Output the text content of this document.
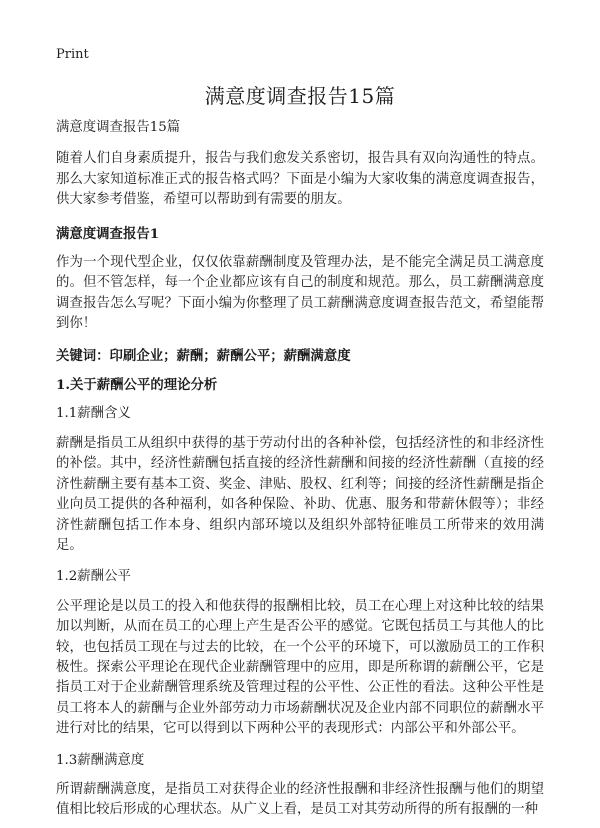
Print
满意度调查报告15篇

满意度调查报告15篇

随着人们自身素质提升，报告与我们愈发关系密切，报告具有双向沟通性的特点。那么大家知道标准正式的报告格式吗？下面是小编为大家收集的满意度调查报告，供大家参考借鉴，希望可以帮助到有需要的朋友。

满意度调查报告1

作为一个现代型企业，仅仅依靠薪酬制度及管理办法，是不能完全满足员工满意度的。但不管怎样，每一个企业都应该有自己的制度和规范。那么，员工薪酬满意度调查报告怎么写呢？下面小编为你整理了员工薪酬满意度调查报告范文，希望能帮到你！

关键词：印刷企业；薪酬；薪酬公平；薪酬满意度

1.关于薪酬公平的理论分析

1.1薪酬含义

薪酬是指员工从组织中获得的基于劳动付出的各种补偿，包括经济性的和非经济性的补偿。其中，经济性薪酬包括直接的经济性薪酬和间接的经济性薪酬（直接的经济性薪酬主要有基本工资、奖金、津贴、股权、红利等；间接的经济性薪酬是指企业向员工提供的各种福利，如各种保险、补助、优惠、服务和带薪休假等）；非经济性薪酬包括工作本身、组织内部环境以及组织外部特征唯员工所带来的效用满足。

1.2薪酬公平

公平理论是以员工的投入和他获得的报酬相比较，员工在心理上对这种比较的结果加以判断，从而在员工的心理上产生是否公平的感觉。它既包括员工与其他人的比较，也包括员工现在与过去的比较，在一个公平的环境下，可以激励员工的工作积极性。探索公平理论在现代企业薪酬管理中的应用，即是所称谓的薪酬公平，它是指员工对于企业薪酬管理系统及管理过程的公平性、公正性的看法。这种公平性是员工将本人的薪酬与企业外部劳动力市场薪酬状况及企业内部不同职位的薪酬水平进行对比的结果，它可以得到以下两种公平的表现形式：内部公平和外部公平。

1.3薪酬满意度

所谓薪酬满意度，是指员工对获得企业的经济性报酬和非经济性报酬与他们的期望值相比较后形成的心理状态。从广义上看，是员工对其劳动所得的所有报酬的一种
